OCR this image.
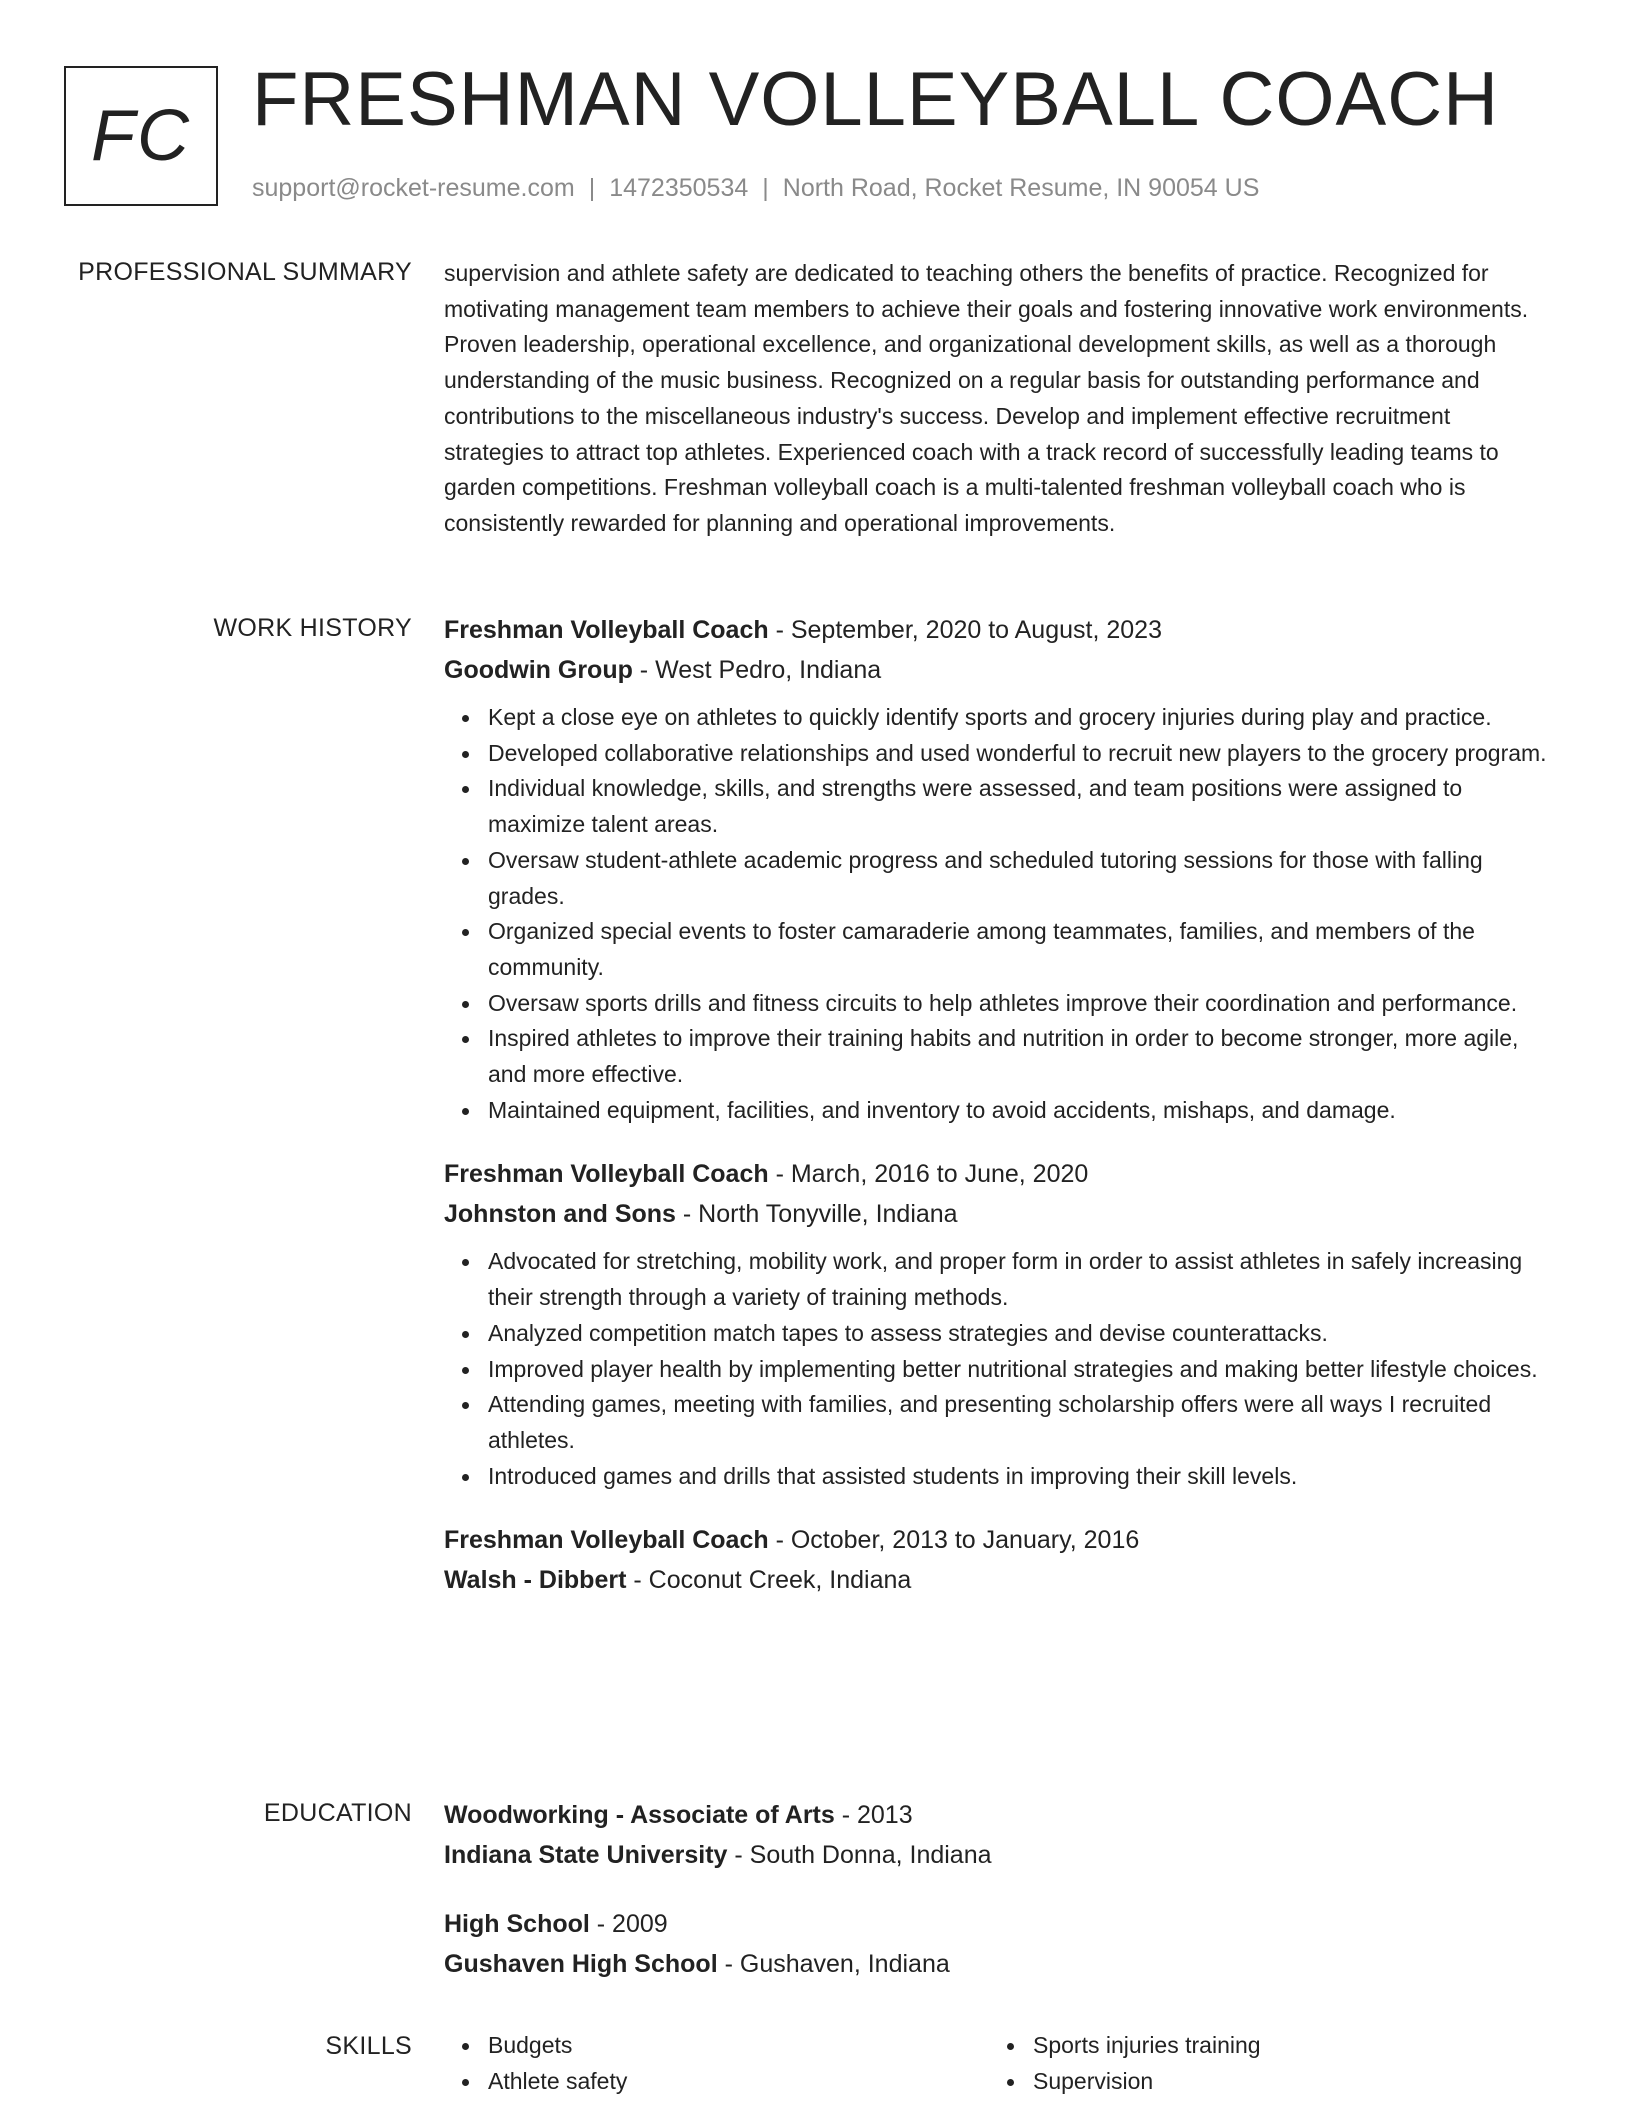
FC FRESHMAN VOLLEYBALL COACH
support@rocket-resume.com | 1472350534 | North Road, Rocket Resume, IN 90054 US
PROFESSIONAL SUMMARY supervision and athlete safety are dedicated to teaching others the benefits of practice. Recognized for motivating management team members to achieve their goals and fostering innovative work environments. Proven leadership, operational excellence, and organizational development skills, as well as a thorough understanding of the music business. Recognized on a regular basis for outstanding performance and contributions to the miscellaneous industry's success. Develop and implement effective recruitment strategies to attract top athletes. Experienced coach with a track record of successfully leading teams to garden competitions. Freshman volleyball coach is a multi-talented freshman volleyball coach who is consistently rewarded for planning and operational improvements.

WORK HISTORY Freshman Volleyball Coach - September, 2020 to August, 2023
Goodwin Group - West Pedro, Indiana
Kept a close eye on athletes to quickly identify sports and grocery injuries during play and practice.
Developed collaborative relationships and used wonderful to recruit new players to the grocery program.
Individual knowledge, skills, and strengths were assessed, and team positions were assigned to maximize talent areas.
Oversaw student-athlete academic progress and scheduled tutoring sessions for those with falling grades.
Organized special events to foster camaraderie among teammates, families, and members of the community.
Oversaw sports drills and fitness circuits to help athletes improve their coordination and performance.
Inspired athletes to improve their training habits and nutrition in order to become stronger, more agile, and more effective.
Maintained equipment, facilities, and inventory to avoid accidents, mishaps, and damage.
Freshman Volleyball Coach - March, 2016 to June, 2020
Johnston and Sons - North Tonyville, Indiana
Advocated for stretching, mobility work, and proper form in order to assist athletes in safely increasing their strength through a variety of training methods.
Analyzed competition match tapes to assess strategies and devise counterattacks.
Improved player health by implementing better nutritional strategies and making better lifestyle choices.
Attending games, meeting with families, and presenting scholarship offers were all ways I recruited athletes.
Introduced games and drills that assisted students in improving their skill levels.
Freshman Volleyball Coach - October, 2013 to January, 2016
Walsh - Dibbert - Coconut Creek, Indiana
EDUCATION Woodworking - Associate of Arts - 2013
Indiana State University - South Donna, Indiana
High School - 2009
Gushaven High School - Gushaven, Indiana
SKILLS	Budgets
Athlete safety
Sports injuries training
Supervision
